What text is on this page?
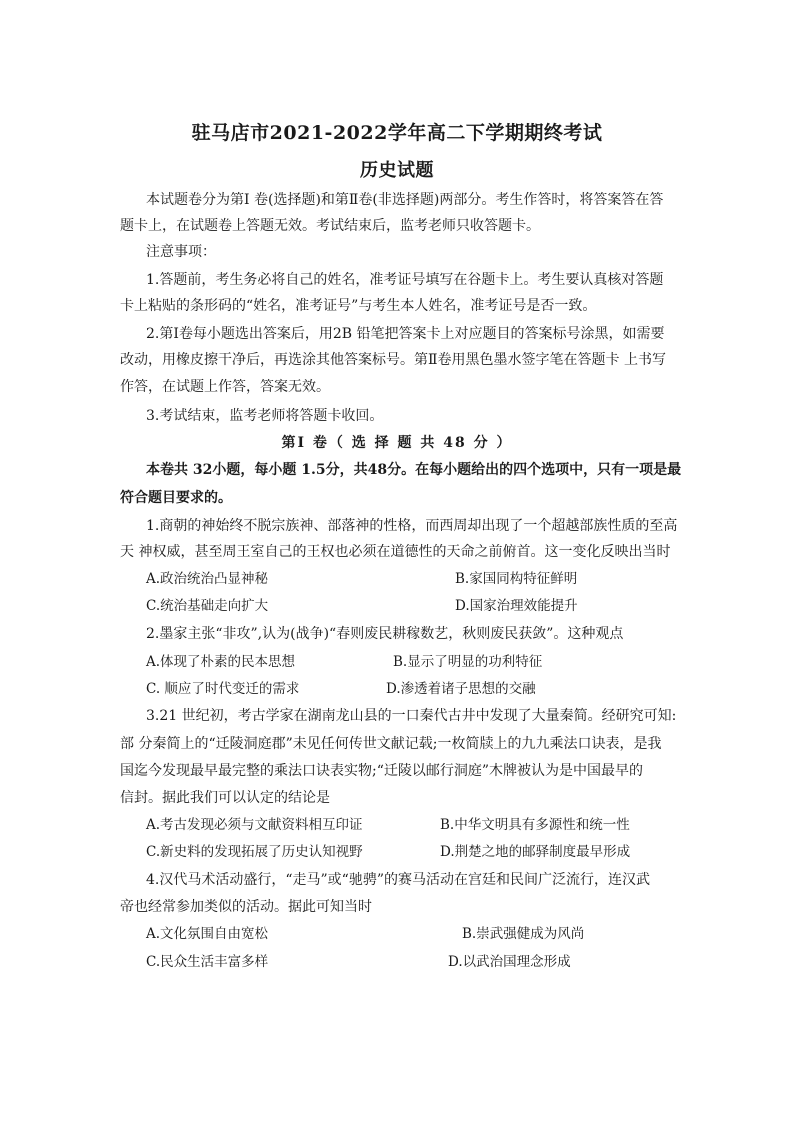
驻马店市2021-2022学年高二下学期期终考试
历史试题
本试题卷分为第Ⅰ 卷(选择题)和第Ⅱ卷(非选择题)两部分。考生作答时，将答案答在答
题卡上，在试题卷上答题无效。考试结束后，监考老师只收答题卡。
注意事项：
1.答题前，考生务必将自己的姓名，准考证号填写在谷题卡上。考生要认真核对答题
卡上粘贴的条形码的“姓名，准考证号”与考生本人姓名，准考证号是否一致。
2.第Ⅰ卷每小题选出答案后，用2B 铅笔把答案卡上对应题目的答案标号涂黑，如需要
改动，用橡皮擦干净后，再选涂其他答案标号。第Ⅱ卷用黑色墨水签字笔在答题卡 上书写
作答，在试题上作答，答案无效。
3.考试结束，监考老师将答题卡收回。
第Ⅰ 卷（ 选 择 题 共 48 分 ）
本卷共 32小题，每小题 1.5分，共48分。在每小题给出的四个选项中，只有一项是最
符合题目要求的。
1.商朝的神始终不脱宗族神、部落神的性格，而西周却出现了一个超越部族性质的至高
天 神权威，甚至周王室自己的王权也必须在道德性的天命之前俯首。这一变化反映出当时
A.政治统治凸显神秘	B.家国同构特征鲜明
C.统治基础走向扩大	D.国家治理效能提升
2.墨家主张“非攻”,认为(战争)“春则废民耕稼数艺，秋则废民获敛”。这种观点
A.体现了朴素的民本思想	B.显示了明显的功利特征
C. 顺应了时代变迁的需求	D.渗透着诸子思想的交融
3.21 世纪初，考古学家在湖南龙山县的一口秦代古井中发现了大量秦简。经研究可知:
部 分秦简上的“迁陵洞庭郡”未见任何传世文献记载;一枚简牍上的九九乘法口诀表，是我
国迄今发现最早最完整的乘法口诀表实物;“迁陵以邮行洞庭”木牌被认为是中国最早的
信封。据此我们可以认定的结论是
A.考古发现必须与文献资料相互印证	B.中华文明具有多源性和统一性
C.新史料的发现拓展了历史认知视野	D.荆楚之地的邮驿制度最早形成
4.汉代马术活动盛行，“走马”或“驰骋”的赛马活动在宫廷和民间广泛流行，连汉武
帝也经常参加类似的活动。据此可知当时
A.文化氛围自由宽松	B.崇武强健成为风尚
C.民众生活丰富多样	D.以武治国理念形成
